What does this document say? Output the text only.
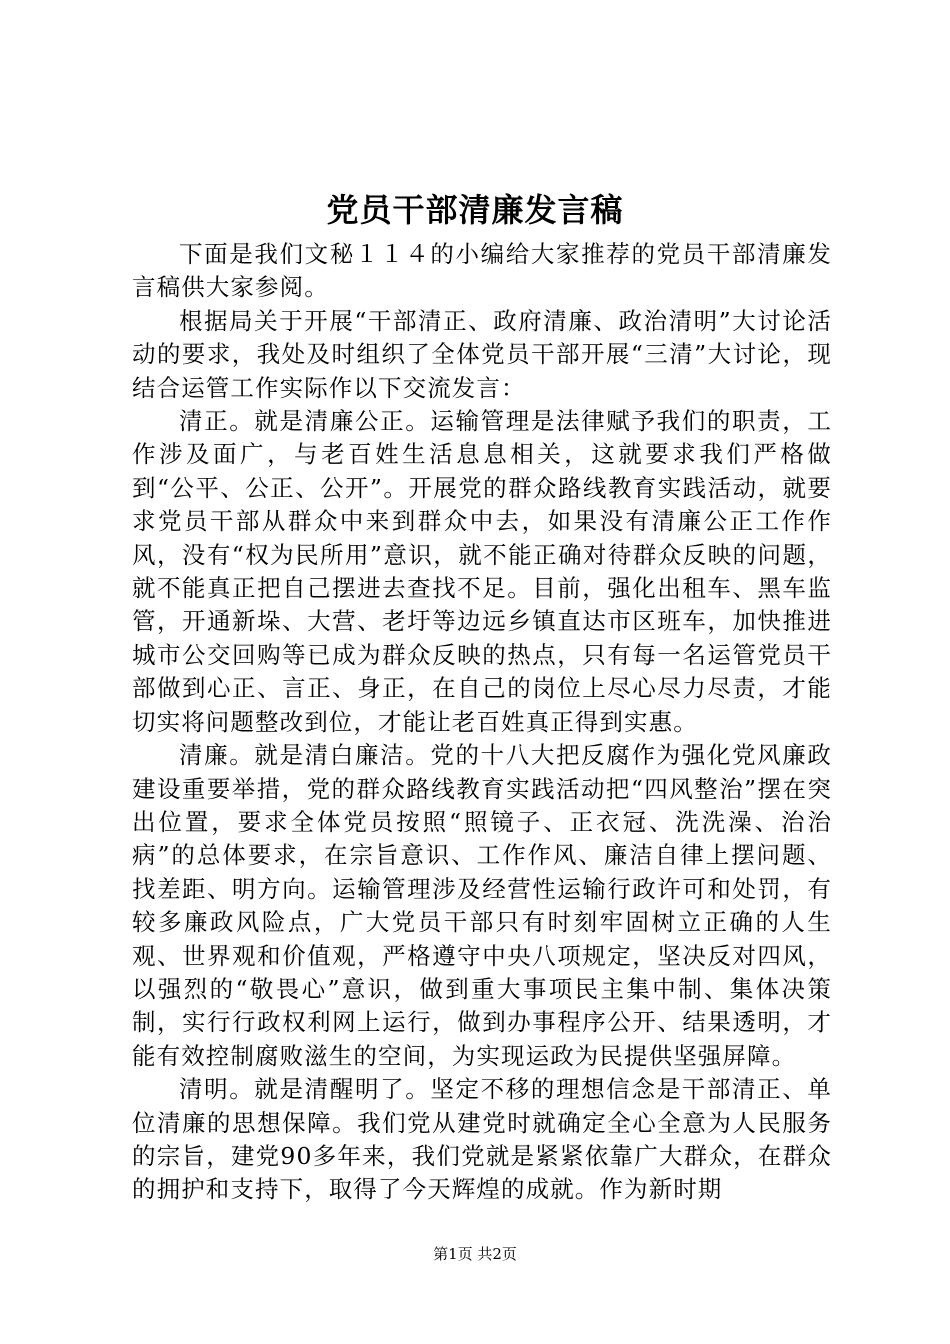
党员干部清廉发言稿

下面是我们文秘１１４的小编给大家推荐的党员干部清廉发言稿供大家参阅。

根据局关于开展“干部清正、政府清廉、政治清明”大讨论活动的要求，我处及时组织了全体党员干部开展“三清”大讨论，现结合运管工作实际作以下交流发言：

清正。就是清廉公正。运输管理是法律赋予我们的职责，工作涉及面广，与老百姓生活息息相关，这就要求我们严格做到“公平、公正、公开”。开展党的群众路线教育实践活动，就要求党员干部从群众中来到群众中去，如果没有清廉公正工作作风，没有“权为民所用”意识，就不能正确对待群众反映的问题，就不能真正把自己摆进去查找不足。目前，强化出租车、黑车监管，开通新垛、大营、老圩等边远乡镇直达市区班车，加快推进城市公交回购等已成为群众反映的热点，只有每一名运管党员干部做到心正、言正、身正，在自己的岗位上尽心尽力尽责，才能切实将问题整改到位，才能让老百姓真正得到实惠。

清廉。就是清白廉洁。党的十八大把反腐作为强化党风廉政建设重要举措，党的群众路线教育实践活动把“四风整治”摆在突出位置，要求全体党员按照“照镜子、正衣冠、洗洗澡、治治病”的总体要求，在宗旨意识、工作作风、廉洁自律上摆问题、找差距、明方向。运输管理涉及经营性运输行政许可和处罚，有较多廉政风险点，广大党员干部只有时刻牢固树立正确的人生观、世界观和价值观，严格遵守中央八项规定，坚决反对四风，以强烈的“敬畏心”意识，做到重大事项民主集中制、集体决策制，实行行政权利网上运行，做到办事程序公开、结果透明，才能有效控制腐败滋生的空间，为实现运政为民提供坚强屏障。

清明。就是清醒明了。坚定不移的理想信念是干部清正、单位清廉的思想保障。我们党从建党时就确定全心全意为人民服务的宗旨，建党90多年来，我们党就是紧紧依靠广大群众，在群众的拥护和支持下，取得了今天辉煌的成就。作为新时期

第1页 共2页
